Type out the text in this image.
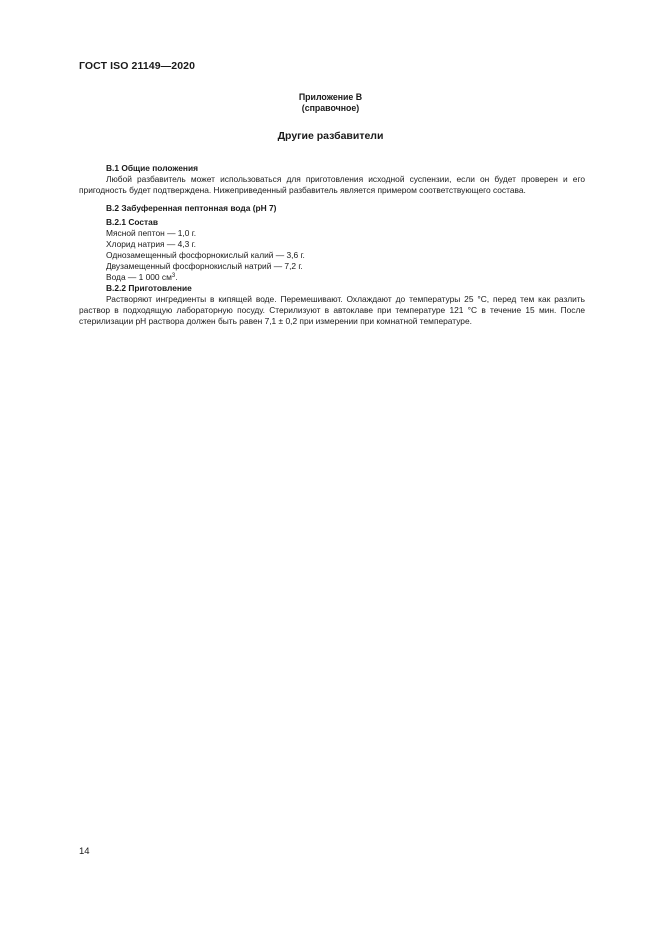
ГОСТ ISO 21149—2020
Приложение В
(справочное)
Другие разбавители

В.1 Общие положения

Любой разбавитель может использоваться для приготовления исходной суспензии, если он будет проверен и его пригодность будет подтверждена. Нижеприведенный разбавитель является примером соответствующего состава.

В.2 Забуференная пептонная вода (pH 7)

В.2.1 Состав

Мясной пептон — 1,0 г.

Хлорид натрия — 4,3 г.

Однозамещенный фосфорнокислый калий — 3,6 г.

Двузамещенный фосфорнокислый натрий — 7,2 г.

Вода — 1 000 $см^3$.

В.2.2 Приготовление

Растворяют ингредиенты в кипящей воде. Перемешивают. Охлаждают до температуры 25 °С, перед тем как разлить раствор в подходящую лабораторную посуду. Стерилизуют в автоклаве при температуре 121 °С в течение 15 мин. После стерилизации pH раствора должен быть равен 7,1 ± 0,2 при измерении при комнатной температуре.

14
